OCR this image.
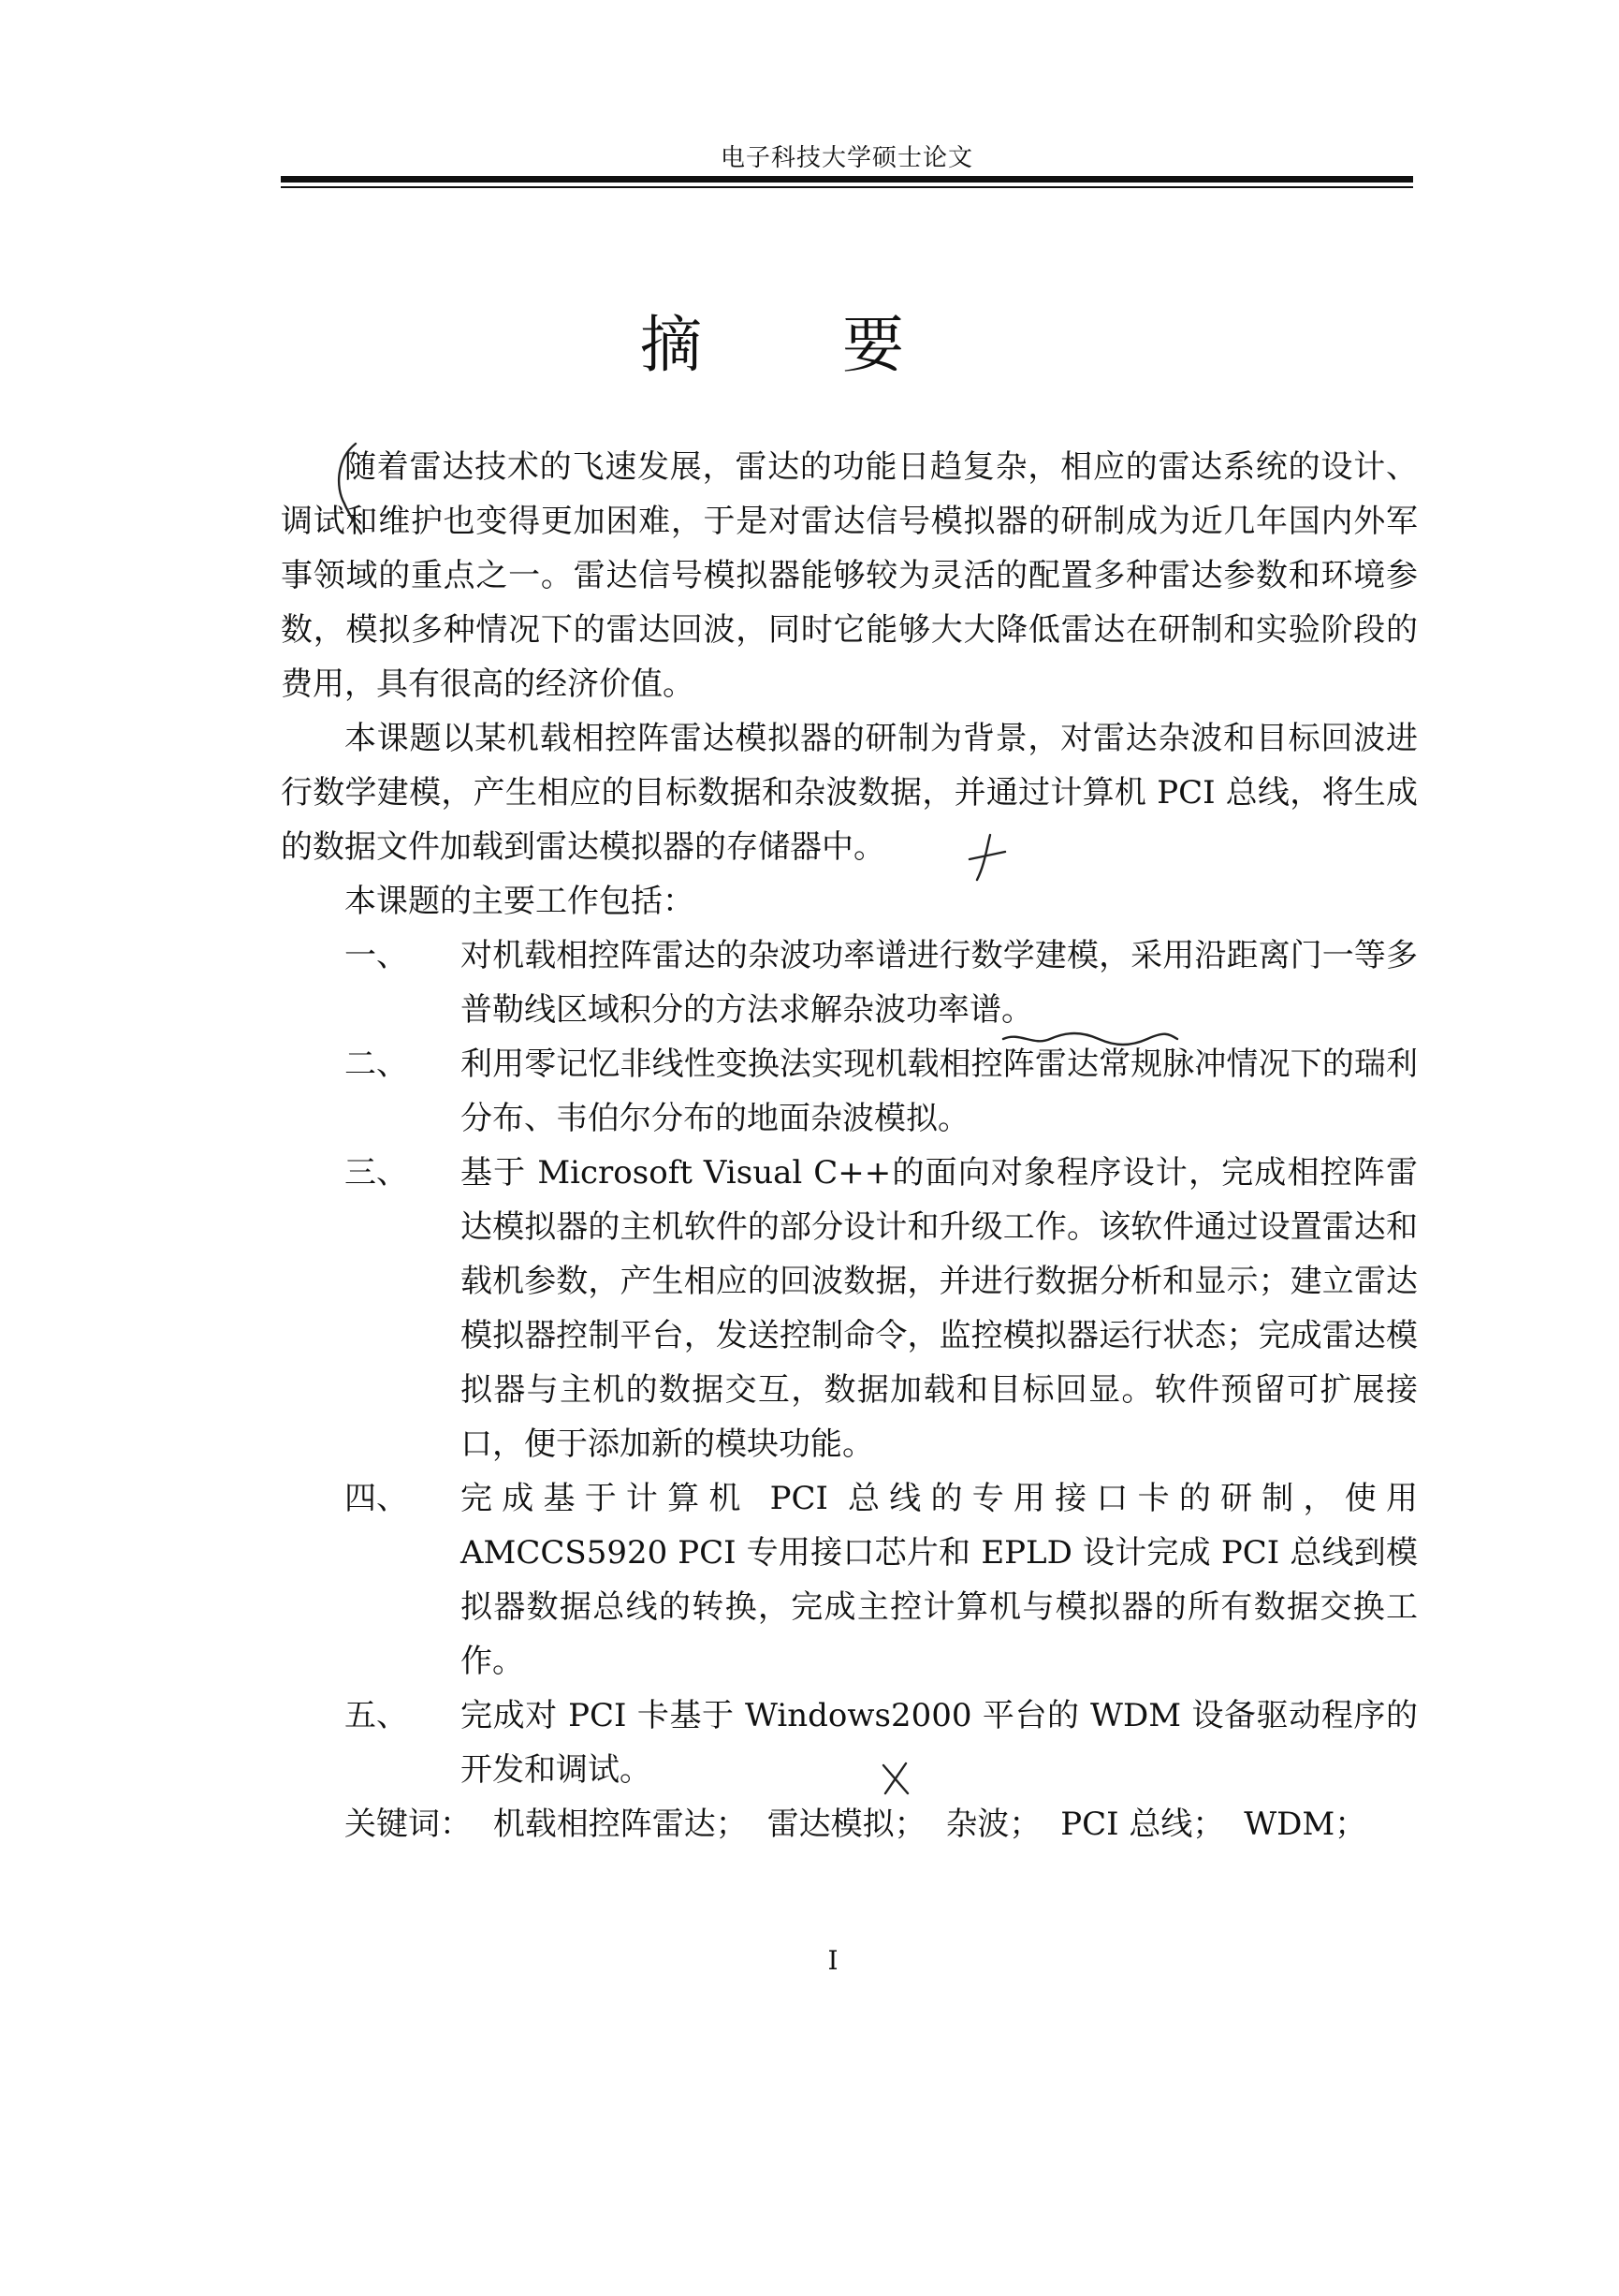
电子科技大学硕士论文
摘要

随着雷达技术的飞速发展，雷达的功能日趋复杂，相应的雷达系统的设计、调试和维护也变得更加困难，于是对雷达信号模拟器的研制成为近几年国内外军事领域的重点之一。雷达信号模拟器能够较为灵活的配置多种雷达参数和环境参数，模拟多种情况下的雷达回波，同时它能够大大降低雷达在研制和实验阶段的费用，具有很高的经济价值。

本课题以某机载相控阵雷达模拟器的研制为背景，对雷达杂波和目标回波进行数学建模，产生相应的目标数据和杂波数据，并通过计算机 PCI 总线，将生成的数据文件加载到雷达模拟器的存储器中。

本课题的主要工作包括：

一、	对机载相控阵雷达的杂波功率谱进行数学建模，采用沿距离门一等多普勒线区域积分的方法求解杂波功率谱。
二、	利用零记忆非线性变换法实现机载相控阵雷达常规脉冲情况下的瑞利分布、韦伯尔分布的地面杂波模拟。
三、	基于 Microsoft Visual C++的面向对象程序设计，完成相控阵雷达模拟器的主机软件的部分设计和升级工作。该软件通过设置雷达和载机参数，产生相应的回波数据，并进行数据分析和显示；建立雷达模拟器控制平台，发送控制命令，监控模拟器运行状态；完成雷达模拟器与主机的数据交互，数据加载和目标回显。软件预留可扩展接口，便于添加新的模块功能。
四、	完成基于计算机 PCI 总线的专用接口卡的研制，使用 AMCCS5920 PCI 专用接口芯片和 EPLD 设计完成 PCI 总线到模拟器数据总线的转换，完成主控计算机与模拟器的所有数据交换工作。
五、	完成对 PCI 卡基于 Windows2000 平台的 WDM 设备驱动程序的开发和调试。

关键词： 机载相控阵雷达； 雷达模拟； 杂波； PCI 总线； WDM；

I
